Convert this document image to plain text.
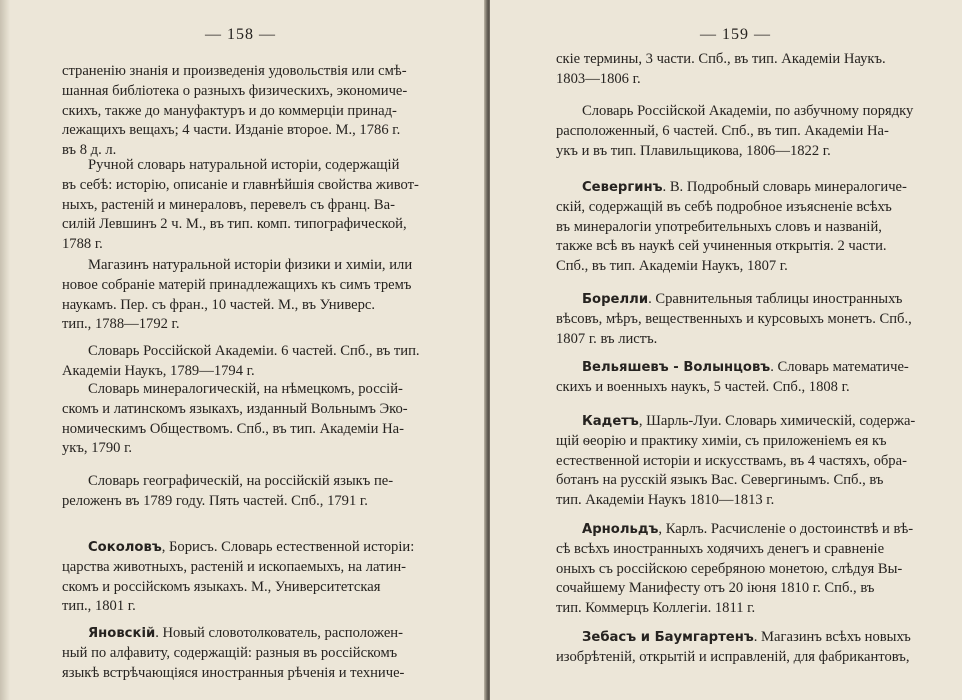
— 158 —
страненію знанія и произведенія удовольствія или смѣ-
шанная библіотека о разныхъ физическихъ, экономиче-
скихъ, также до мануфактуръ и до коммерціи принад-
лежащихъ вещахъ; 4 части. Изданіе второе. М., 1786 г.
въ 8 д. л.
Ручной словарь натуральной исторіи, содержащій
въ себѣ: исторію, описаніе и главнѣйшія свойства живот-
ныхъ, растеній и минераловъ, перевелъ съ франц. Ва-
силій Левшинъ 2 ч. М., въ тип. комп. типографической,
1788 г.
Магазинъ натуральной исторіи физики и химіи, или
новое собраніе матерій принадлежащихъ къ симъ тремъ
наукамъ. Пер. съ фран., 10 частей. М., въ Универс.
тип., 1788—1792 г.
Словарь Россійской Академіи. 6 частей. Спб., въ тип.
Академіи Наукъ, 1789—1794 г.
Словарь минералогическій, на нѣмецкомъ, россій-
скомъ и латинскомъ языкахъ, изданный Вольнымъ Эко-
номическимъ Обществомъ. Спб., въ тип. Академіи На-
укъ, 1790 г.
Словарь географическій, на россійскій языкъ пе-
реложенъ въ 1789 году. Пять частей. Спб., 1791 г.
Соколовъ, Борисъ. Словарь естественной исторіи:
царства животныхъ, растеній и ископаемыхъ, на латин-
скомъ и россійскомъ языкахъ. М., Университетская
тип., 1801 г.
Яновскій. Новый словотолкователь, расположен-
ный по алфавиту, содержащій: разныя въ россійскомъ
языкѣ встрѣчающіяся иностранныя рѣченія и техниче-
— 159 —
скіе термины, 3 части. Спб., въ тип. Академіи Наукъ.
1803—1806 г.
Словарь Россійской Академіи, по азбучному порядку
расположенный, 6 частей. Спб., въ тип. Академіи На-
укъ и въ тип. Плавильщикова, 1806—1822 г.
Севергинъ. В. Подробный словарь минералогиче-
скій, содержащій въ себѣ подробное изъясненіе всѣхъ
въ минералогіи употребительныхъ словъ и названій,
также всѣ въ наукѣ сей учиненныя открытія. 2 части.
Спб., въ тип. Академіи Наукъ, 1807 г.
Борелли. Сравнительныя таблицы иностранныхъ
вѣсовъ, мѣръ, вещественныхъ и курсовыхъ монетъ. Спб.,
1807 г. въ листъ.
Вельяшевъ - Волынцовъ. Словарь математиче-
скихъ и военныхъ наукъ, 5 частей. Спб., 1808 г.
Кадетъ, Шарль-Луи. Словарь химическій, содержа-
щій ѳеорію и практику химіи, съ приложеніемъ ея къ
естественной исторіи и искусствамъ, въ 4 частяхъ, обра-
ботанъ на русскій языкъ Вас. Севергинымъ. Спб., въ
тип. Академіи Наукъ 1810—1813 г.
Арнольдъ, Карлъ. Расчисленіе о достоинствѣ и вѣ-
сѣ всѣхъ иностранныхъ ходячихъ денегъ и сравненіе
оныхъ съ россійскою серебряною монетою, слѣдуя Вы-
сочайшему Манифесту отъ 20 іюня 1810 г. Спб., въ
тип. Коммерцъ Коллегіи. 1811 г.
Зебасъ и Баумгартенъ. Магазинъ всѣхъ новыхъ
изобрѣтеній, открытій и исправленій, для фабрикантовъ,
